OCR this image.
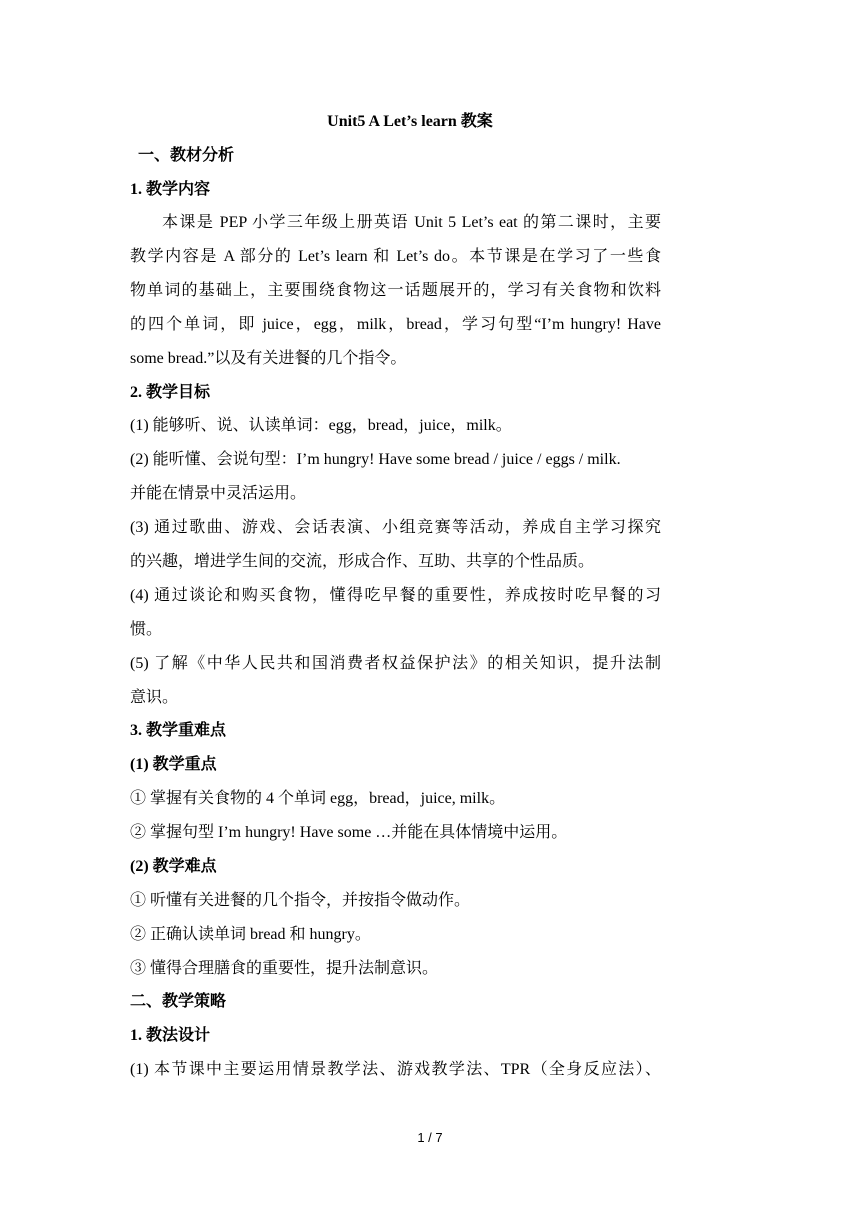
Unit5 A Let’s learn 教案
一、教材分析
1. 教学内容
本课是 PEP 小学三年级上册英语 Unit 5 Let’s eat 的第二课时，主要
教学内容是 A 部分的 Let’s learn 和 Let’s do。本节课是在学习了一些食
物单词的基础上，主要围绕食物这一话题展开的，学习有关食物和饮料
的四个单词，即 juice，egg，milk，bread，学习句型“I’m hungry! Have
some bread.”以及有关进餐的几个指令。
2. 教学目标
(1) 能够听、说、认读单词：egg，bread，juice，milk。
(2) 能听懂、会说句型：I’m hungry! Have some bread / juice / eggs / milk.
并能在情景中灵活运用。
(3) 通过歌曲、游戏、会话表演、小组竞赛等活动，养成自主学习探究
的兴趣，增进学生间的交流，形成合作、互助、共享的个性品质。
(4) 通过谈论和购买食物，懂得吃早餐的重要性，养成按时吃早餐的习
惯。
(5) 了解《中华人民共和国消费者权益保护法》的相关知识，提升法制
意识。
3. 教学重难点
(1) 教学重点
① 掌握有关食物的 4 个单词 egg，bread，juice, milk。
② 掌握句型 I’m hungry! Have some …并能在具体情境中运用。
(2) 教学难点
① 听懂有关进餐的几个指令，并按指令做动作。
② 正确认读单词 bread 和 hungry。
③ 懂得合理膳食的重要性，提升法制意识。
二、教学策略
1. 教法设计
(1) 本节课中主要运用情景教学法、游戏教学法、TPR（全身反应法）、
1 / 7
